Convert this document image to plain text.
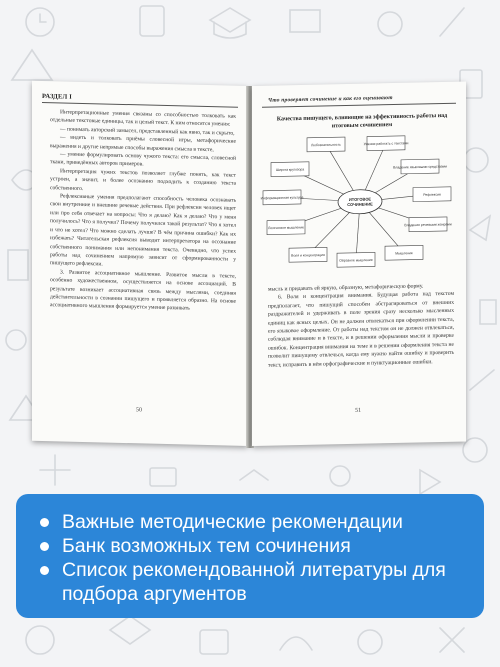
РАЗДЕЛ I

Интерпретационные умения связаны со способностью толковать как отдельные текстовые единицы, так и целый текст. К ним относятся умения:

— понимать авторский замысел, представленный как явно, так и скрыто,

— видеть и толковать приёмы словесной игры, метафорические выражения и другие непрямые способы выражения смысла в тексте,

— умение формулировать основу чужого текста: его смысла, словесной ткани, приведённых авторов примеров.

Интерпретация чужих текстов позволяет глубже понять, как текст устроен, а значит, и более осознанно подходить к созданию текста собственного.

Рефлексивные умения предполагают способность человека осознавать свои внутренние и внешние речевые действия. При рефлексии человек ищет или про себя отвечает на вопросы: Что я делаю? Как я делаю? Что у меня получилось? Что я получил? Почему получился такой результат? Что я хотел и что не хотел? Что можно сделать лучше? В чём причина ошибки? Как их избежать? Читательская рефлексия выводит интерпретатора на осознание собственного понимания или непонимания текста. Очевидно, что успех работы над сочинением напрямую зависит от сформированности у пишущего рефлексии.

3. Развитое ассоциативное мышление. Развитое мысли в тексте, особенно художественном, осуществляется на основе ассоциаций. В результате возникает ассоциативная связь между мыслями, соединяя действительности в сознании пишущего и проявляется образно. На основе ассоциативного мышления формируется умение развивать

50
Что проверяет сочинение и как его оценивают
Качества пишущего, влияющие на эффективность работы над итоговым сочинением
Любознательность	Умение работать с текстами
Широта кругозора
Владение языковыми средствами
Информационная культура
Рефлексия
Логическое мышление
Владение речевыми жанрами
Воля и концентрация
Образное мышление
Мышление
ИТОГОВОЕ
СОЧИНЕНИЕ

мысль и придавать ей яркую, образную, метафорическую форму.

6. Воля и концентрация внимания. Будущая работа над текстом предполагает, что пишущий способен абстрагироваться от внешних раздражителей и удерживать в поле зрения сразу несколько мысленных единиц как ясных целых. Он не должен отвлекаться при оформлении текста, его языковое оформление. От работы над текстом он не должен отвлекаться, соблюдая внимание и в тексте, и в решении оформления мысли и проверке ошибок. Концентрация внимания на теме и в решении оформления текста не позволит пишущему отвлечься, когда ему нужно найти ошибку и проверить текст, исправить в нём орфографические и пунктуационные ошибки.

51
Важные методические рекомендации
Банк возможных тем сочинения
Список рекомендованной литературы для подбора аргументов
